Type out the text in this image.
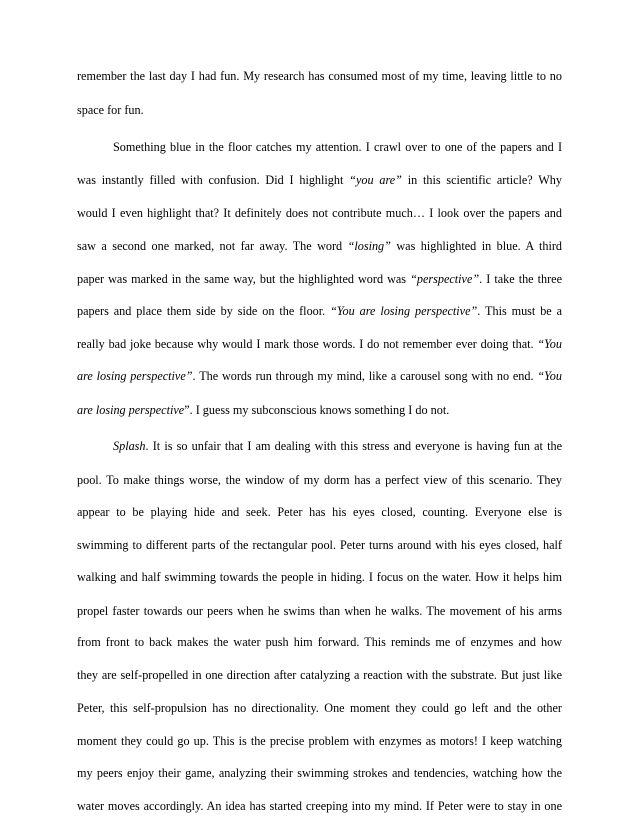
remember the last day I had fun. My research has consumed most of my time, leaving little to no
space for fun.
Something blue in the floor catches my attention. I crawl over to one of the papers and I
was instantly filled with confusion. Did I highlight “you are” in this scientific article? Why
would I even highlight that? It definitely does not contribute much… I look over the papers and
saw a second one marked, not far away. The word “losing” was highlighted in blue. A third
paper was marked in the same way, but the highlighted word was “perspective”. I take the three
papers and place them side by side on the floor. “You are losing perspective”. This must be a
really bad joke because why would I mark those words. I do not remember ever doing that. “You
are losing perspective”. The words run through my mind, like a carousel song with no end. “You
are losing perspective”. I guess my subconscious knows something I do not.
Splash. It is so unfair that I am dealing with this stress and everyone is having fun at the
pool. To make things worse, the window of my dorm has a perfect view of this scenario. They
appear to be playing hide and seek. Peter has his eyes closed, counting. Everyone else is
swimming to different parts of the rectangular pool. Peter turns around with his eyes closed, half
walking and half swimming towards the people in hiding. I focus on the water. How it helps him
propel faster towards our peers when he swims than when he walks. The movement of his arms
from front to back makes the water push him forward. This reminds me of enzymes and how
they are self-propelled in one direction after catalyzing a reaction with the substrate. But just like
Peter, this self-propulsion has no directionality. One moment they could go left and the other
moment they could go up. This is the precise problem with enzymes as motors! I keep watching
my peers enjoy their game, analyzing their swimming strokes and tendencies, watching how the
water moves accordingly. An idea has started creeping into my mind. If Peter were to stay in one
